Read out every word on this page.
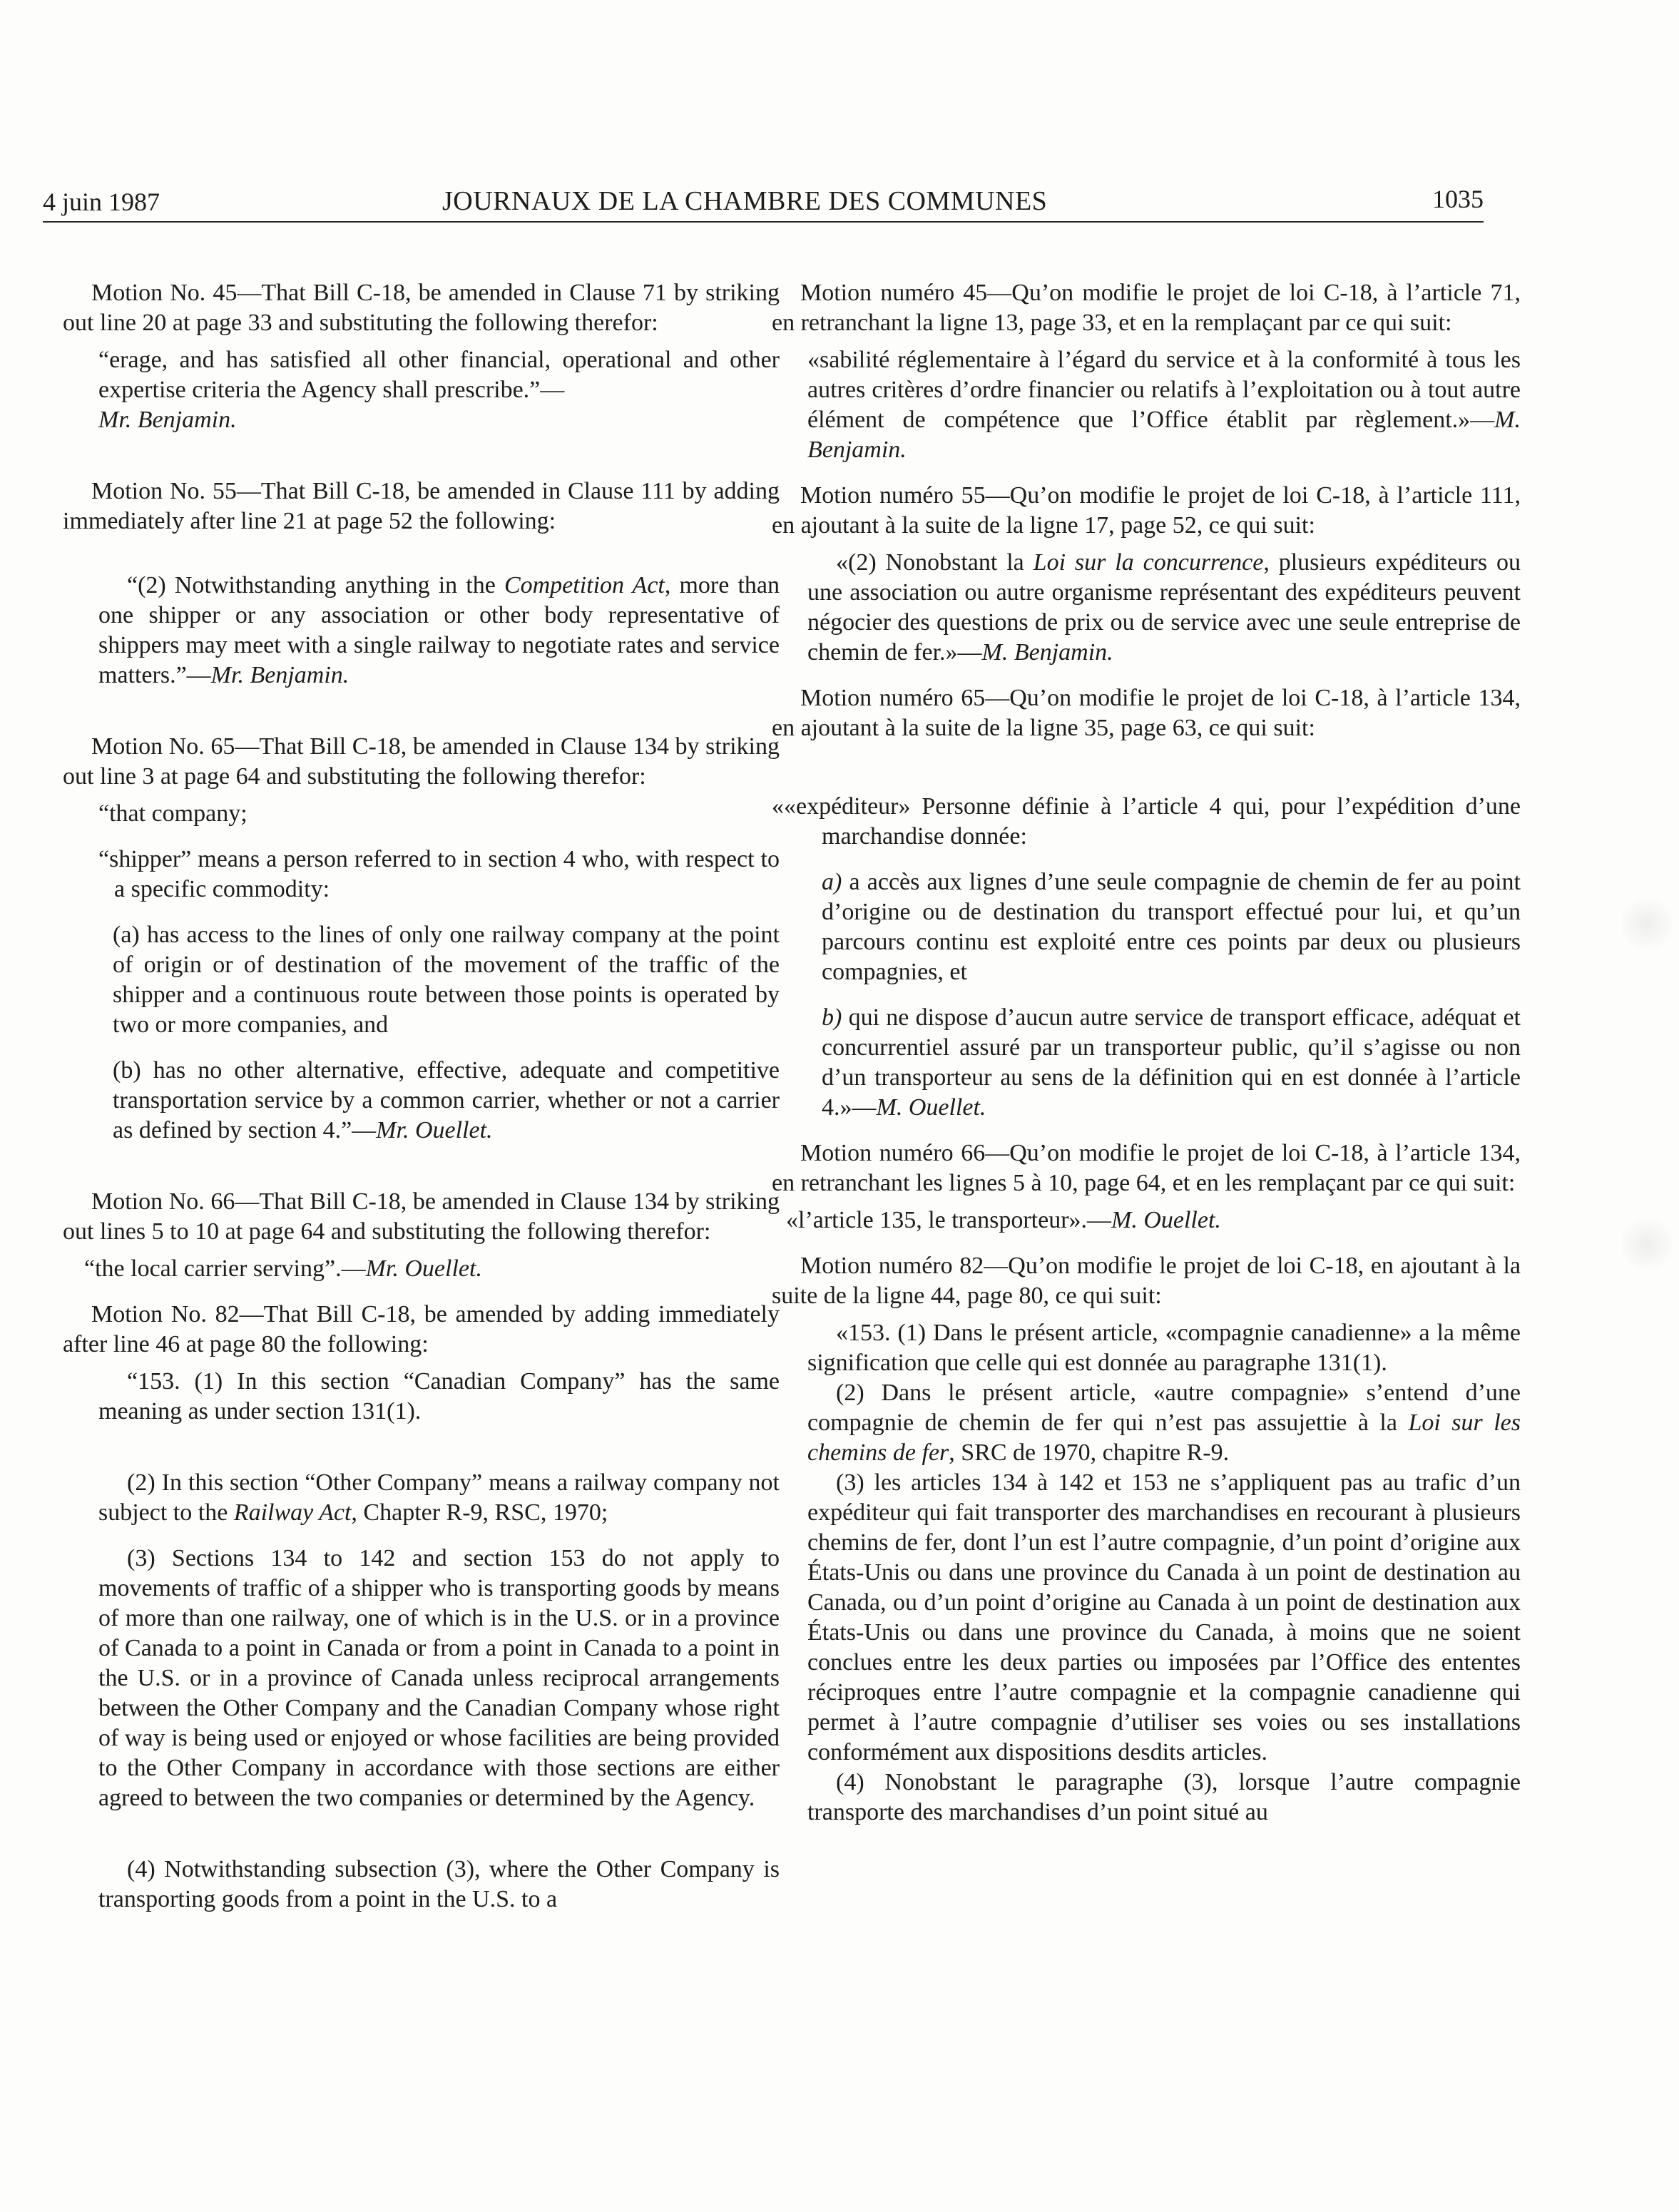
4 juin 1987	JOURNAUX DE LA CHAMBRE DES COMMUNES	1035

Motion No. 45—That Bill C-18, be amended in Clause 71 by striking out line 20 at page 33 and substituting the following therefor:

“erage, and has satisfied all other financial, operational and other expertise criteria the Agency shall prescribe.”—
Mr. Benjamin.

Motion No. 55—That Bill C-18, be amended in Clause 111 by adding immediately after line 21 at page 52 the following:

“(2) Notwithstanding anything in the Competition Act, more than one shipper or any association or other body representative of shippers may meet with a single railway to negotiate rates and service matters.”—Mr. Benjamin.

Motion No. 65—That Bill C-18, be amended in Clause 134 by striking out line 3 at page 64 and substituting the following therefor:

“that company;

“shipper” means a person referred to in section 4 who, with respect to a specific commodity:

(a) has access to the lines of only one railway company at the point of origin or of destination of the movement of the traffic of the shipper and a continuous route between those points is operated by two or more companies, and

(b) has no other alternative, effective, adequate and competitive transportation service by a common carrier, whether or not a carrier as defined by section 4.”—Mr. Ouellet.

Motion No. 66—That Bill C-18, be amended in Clause 134 by striking out lines 5 to 10 at page 64 and substituting the following therefor:

“the local carrier serving”.—Mr. Ouellet.

Motion No. 82—That Bill C-18, be amended by adding immediately after line 46 at page 80 the following:

“153. (1) In this section “Canadian Company” has the same meaning as under section 131(1).

(2) In this section “Other Company” means a railway company not subject to the Railway Act, Chapter R-9, RSC, 1970;

(3) Sections 134 to 142 and section 153 do not apply to movements of traffic of a shipper who is transporting goods by means of more than one railway, one of which is in the U.S. or in a province of Canada to a point in Canada or from a point in Canada to a point in the U.S. or in a province of Canada unless reciprocal arrangements between the Other Company and the Canadian Company whose right of way is being used or enjoyed or whose facilities are being provided to the Other Company in accordance with those sections are either agreed to between the two companies or determined by the Agency.

(4) Notwithstanding subsection (3), where the Other Company is transporting goods from a point in the U.S. to a

Motion numéro 45—Qu’on modifie le projet de loi C-18, à l’article 71, en retranchant la ligne 13, page 33, et en la remplaçant par ce qui suit:

«sabilité réglementaire à l’égard du service et à la conformité à tous les autres critères d’ordre financier ou relatifs à l’exploitation ou à tout autre élément de compétence que l’Office établit par règlement.»—M. Benjamin.

Motion numéro 55—Qu’on modifie le projet de loi C-18, à l’article 111, en ajoutant à la suite de la ligne 17, page 52, ce qui suit:

«(2) Nonobstant la Loi sur la concurrence, plusieurs expéditeurs ou une association ou autre organisme représentant des expéditeurs peuvent négocier des questions de prix ou de service avec une seule entreprise de chemin de fer.»—M. Benjamin.

Motion numéro 65—Qu’on modifie le projet de loi C-18, à l’article 134, en ajoutant à la suite de la ligne 35, page 63, ce qui suit:

««expéditeur» Personne définie à l’article 4 qui, pour l’expédition d’une marchandise donnée:

a) a accès aux lignes d’une seule compagnie de chemin de fer au point d’origine ou de destination du transport effectué pour lui, et qu’un parcours continu est exploité entre ces points par deux ou plusieurs compagnies, et

b) qui ne dispose d’aucun autre service de transport efficace, adéquat et concurrentiel assuré par un transporteur public, qu’il s’agisse ou non d’un transporteur au sens de la définition qui en est donnée à l’article 4.»—M. Ouellet.

Motion numéro 66—Qu’on modifie le projet de loi C-18, à l’article 134, en retranchant les lignes 5 à 10, page 64, et en les remplaçant par ce qui suit:

«l’article 135, le transporteur».—M. Ouellet.

Motion numéro 82—Qu’on modifie le projet de loi C-18, en ajoutant à la suite de la ligne 44, page 80, ce qui suit:

«153. (1) Dans le présent article, «compagnie canadienne» a la même signification que celle qui est donnée au paragraphe 131(1).

(2) Dans le présent article, «autre compagnie» s’entend d’une compagnie de chemin de fer qui n’est pas assujettie à la Loi sur les chemins de fer, SRC de 1970, chapitre R-9.

(3) les articles 134 à 142 et 153 ne s’appliquent pas au trafic d’un expéditeur qui fait transporter des marchandises en recourant à plusieurs chemins de fer, dont l’un est l’autre compagnie, d’un point d’origine aux États-Unis ou dans une province du Canada à un point de destination au Canada, ou d’un point d’origine au Canada à un point de destination aux États-Unis ou dans une province du Canada, à moins que ne soient conclues entre les deux parties ou imposées par l’Office des ententes réciproques entre l’autre compagnie et la compagnie canadienne qui permet à l’autre compagnie d’utiliser ses voies ou ses installations conformément aux dispositions desdits articles.

(4) Nonobstant le paragraphe (3), lorsque l’autre compagnie transporte des marchandises d’un point situé au
